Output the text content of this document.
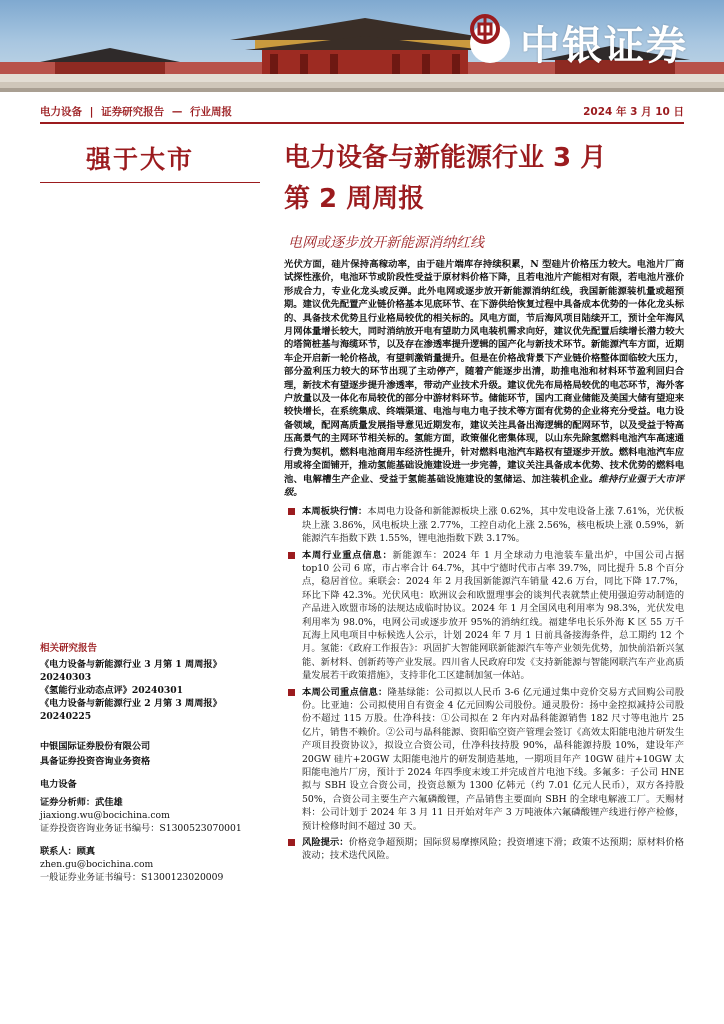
中银证券
电力设备 | 证券研究报告 — 行业周报	2024 年 3 月 10 日
强于大市	电力设备与新能源行业 3 月
第 2 周周报
电网或逐步放开新能源消纳红线
光伏方面，硅片保持高稼动率，由于硅片端库存持续积累，N 型硅片价格压力较大。电池片厂商试探性涨价，电池环节或阶段性受益于原材料价格下降，且若电池片产能相对有限，若电池片涨价形成合力，专业化龙头或反弹。此外电网或逐步放开新能源消纳红线，我国新能源装机量或超预期。建议优先配置产业链价格基本见底环节、在下游供给恢复过程中具备成本优势的一体化龙头标的、具备技术优势且行业格局较优的相关标的。风电方面，节后海风项目陆续开工，预计全年海风月网体量增长较大，同时消纳放开电有望助力风电装机需求向好，建议优先配置后续增长潜力较大的塔筒桩基与海缆环节，以及存在渗透率提升逻辑的国产化与新技术环节。新能源汽车方面，近期车企开启新一轮价格战，有望刺激销量提升。但是在价格战背景下产业链价格整体面临较大压力，部分盈利压力较大的环节出现了主动停产，随着产能逐步出清，助推电池和材料环节盈利回归合理，新技术有望逐步提升渗透率，带动产业技术升级。建议优先布局格局较优的电芯环节，海外客户放量以及一体化布局较优的部分中游材料环节。储能环节，国内工商业储能及美国大储有望迎来较快增长，在系统集成、终端渠道、电池与电力电子技术等方面有优势的企业将充分受益。电力设备领域，配网高质量发展指导意见近期发布，建议关注具备出海逻辑的配网环节，以及受益于特高压高景气的主网环节相关标的。氢能方面，政策催化密集体现，以山东先除氢燃料电池汽车高速通行费为契机，燃料电池商用车经济性提升，针对燃料电池汽车路权有望逐步开放。燃料电池汽车应用或将全面铺开，推动氢能基础设施建设进一步完善，建议关注具备成本优势、技术优势的燃料电池、电解槽生产企业、受益于氢能基础设施建设的氢储运、加注装机企业。维持行业强于大市评级。
本周板块行情：本周电力设备和新能源板块上涨 0.62%，其中发电设备上涨 7.61%，光伏板块上涨 3.86%，风电板块上涨 2.77%，工控自动化上涨 2.56%，核电板块上涨 0.59%，新能源汽车指数下跌 1.55%，锂电池指数下跌 3.17%。
本周行业重点信息：新能源车：2024 年 1 月全球动力电池装车量出炉，中国公司占据 top10 公司 6 席，市占率合计 64.7%，其中宁德时代市占率 39.7%，同比提升 5.8 个百分点，稳居首位。乘联会：2024 年 2 月我国新能源汽车销量 42.6 万台，同比下降 17.7%，环比下降 42.3%。光伏风电：欧洲议会和欧盟理事会的谈判代表就禁止使用强迫劳动制造的产品进入欧盟市场的法规达成临时协议。2024 年 1 月全国风电利用率为 98.3%，光伏发电利用率为 98.0%，电网公司或逐步放开 95%的消纳红线。福建华电长乐外海 K 区 55 万千瓦海上风电项目中标候选人公示，计划 2024 年 7 月 1 日前具备接海条件，总工期约 12 个月。氢能：《政府工作报告》：巩固扩大智能网联新能源汽车等产业领先优势，加快前沿新兴氢能、新材料、创新药等产业发展。四川省人民政府印发《支持新能源与智能网联汽车产业高质量发展若干政策措施》，支持非化工区建制加氢一体站。
本周公司重点信息：隆基绿能：公司拟以人民币 3-6 亿元通过集中竞价交易方式回购公司股份。比亚迪：公司拟使用自有资金 4 亿元回购公司股份。通灵股份：扬中金控拟减持公司股份不超过 115 万股。仕净科技：①公司拟在 2 年内对晶科能源销售 182 尺寸等电池片 25 亿片，销售不赖价。②公司与晶科能源、资阳临空资产管理会签订《高效太阳能电池片研发生产项目投资协议》，拟设立合资公司，仕净科技持股 90%，晶科能源持股 10%，建设年产 20GW 硅片+20GW 太阳能电池片的研发制造基地，一期项目年产 10GW 硅片+10GW 太阳能电池片厂房，预计于 2024 年四季度末竣工并完成首片电池下线。多氟多：子公司 HNE 拟与 SBH 设立合资公司，投资总额为 1300 亿韩元（约 7.01 亿元人民币），双方各持股 50%，合资公司主要生产六氟磷酸锂，产品销售主要面向 SBH 的全球电解液工厂。天赐材料：公司计划于 2024 年 3 月 11 日开始对年产 3 万吨液体六氟磷酸锂产线进行停产检修，预计检修时间不超过 30 天。
风险提示：价格竞争超预期；国际贸易摩擦风险；投资增速下滑；政策不达预期；原材料价格波动；技术迭代风险。
相关研究报告
《电力设备与新能源行业 3 月第 1 周周报》20240303
《氢能行业动态点评》20240301
《电力设备与新能源行业 2 月第 3 周周报》20240225
中银国际证券股份有限公司
具备证券投资咨询业务资格
电力设备
证券分析师：武佳雄
jiaxiong.wu@bocichina.com
证券投资咨询业务证书编号：S1300523070001
联系人：顾真
zhen.gu@bocichina.com
一般证券业务证书编号：S1300123020009
